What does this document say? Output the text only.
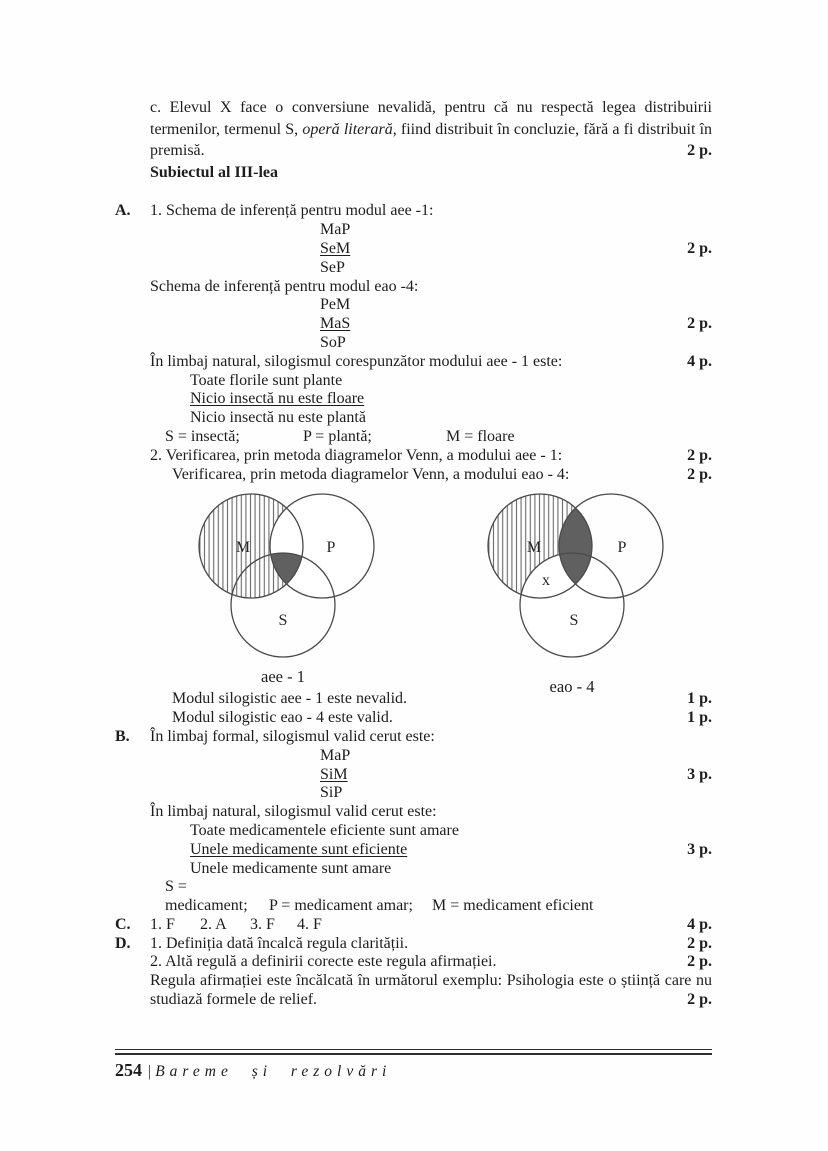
c. Elevul X face o conversiune nevalidă, pentru că nu respectă legea distribuirii termenilor, termenul S, operă literară, fiind distribuit în concluzie, fără a fi distribuit în premisă.	2 p.

Subiectul al III-lea

A. 1. Schema de inferență pentru modul aee -1:
MaP
SeM	2 p.
SeP
Schema de inferență pentru modul eao -4:
PeM
MaS	2 p.
SoP
În limbaj natural, silogismul corespunzător modului aee - 1 este:	4 p.
Toate florile sunt plante
Nicio insectă nu este floare
Nicio insectă nu este plantă
S = insectă;	P = plantă;	M = floare
2. Verificarea, prin metoda diagramelor Venn, a modului aee - 1:	2 p.
Verificarea, prin metoda diagramelor Venn, a modului eao - 4:	2 p.
M	P
S
aee - 1
M	P
S
x
eao - 4
Modul silogistic aee - 1 este nevalid.	1 p.
Modul silogistic eao - 4 este valid.	1 p.
B. În limbaj formal, silogismul valid cerut este:
MaP
SiM	3 p.
SiP
În limbaj natural, silogismul valid cerut este:
Toate medicamentele eficiente sunt amare
Unele medicamente sunt eficiente	3 p.
Unele medicamente sunt amare
S = medicament; P = medicament amar; M = medicament eficient
C. 1. F 2. A 3. F 4. F	4 p.
D. 1. Definiția dată încalcă regula clarității.	2 p.
2. Altă regulă a definirii corecte este regula afirmației.	2 p.
Regula afirmației este încălcată în următorul exemplu: Psihologia este o știință care nu studiază formele de relief.	2 p.
254 | Bareme și rezolvări
